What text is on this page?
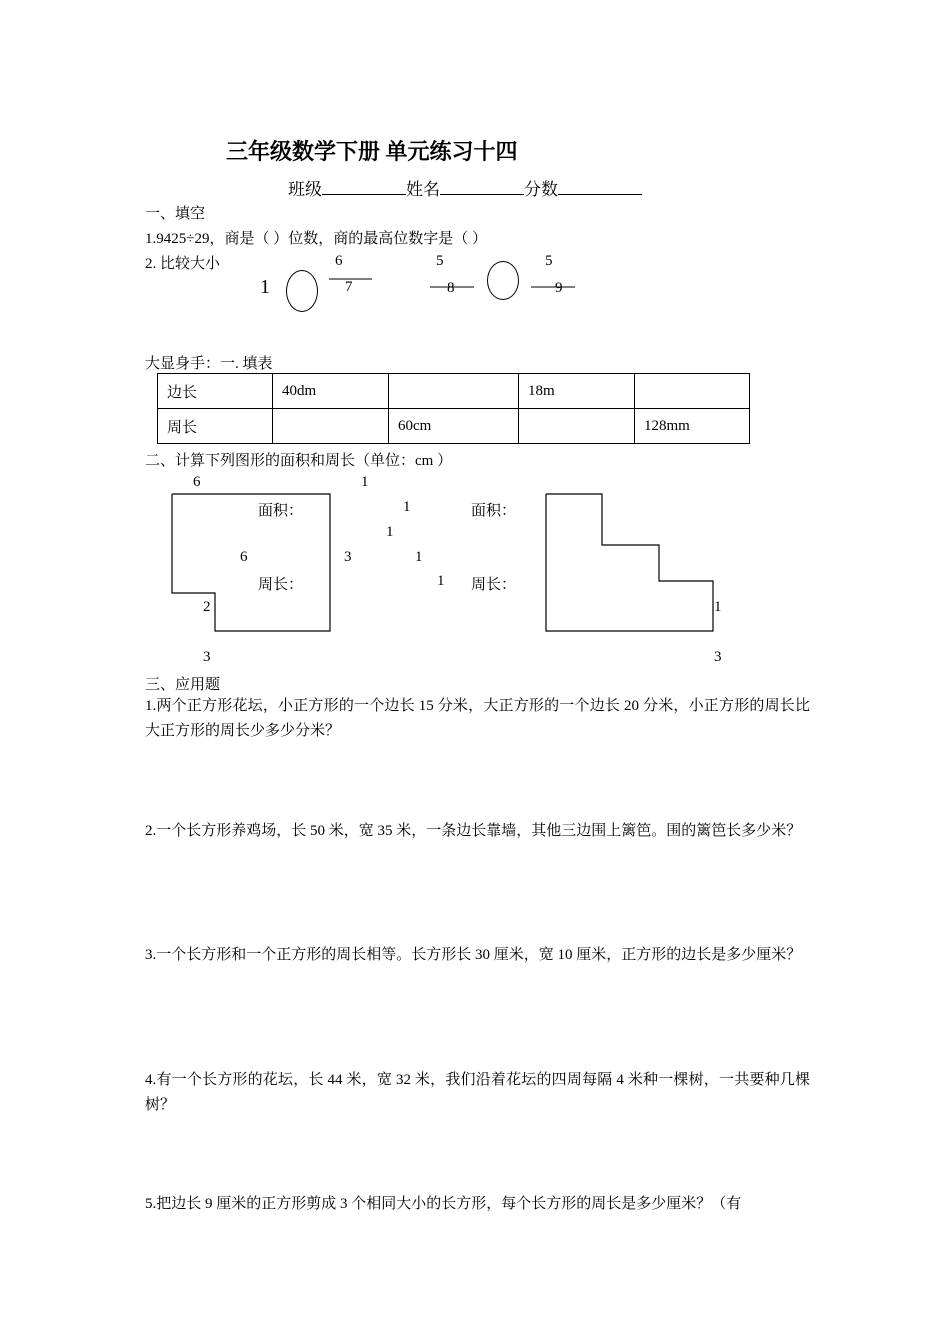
三年级数学下册 单元练习十四
班级	姓名	分数
一、填空
1.9425÷29，商是（ ）位数，商的最高位数字是（ ）
2. 比较大小
1
6
7
5
8
5
9
大显身手：一. 填表
边长	40dm		18m	
周长		60cm		128mm
二、计算下列图形的面积和周长（单位：cm ）
6
面积：
6	3
周长：
2
3
1
1	面积：
1
1
1 周长：
1
3
三、应用题
1.两个正方形花坛，小正方形的一个边长 15 分米，大正方形的一个边长 20 分米，小正方形的周长比大正方形的周长少多少分米？
2.一个长方形养鸡场，长 50 米，宽 35 米，一条边长靠墙，其他三边围上篱笆。围的篱笆长多少米？
3.一个长方形和一个正方形的周长相等。长方形长 30 厘米，宽 10 厘米，正方形的边长是多少厘米？
4.有一个长方形的花坛，长 44 米，宽 32 米，我们沿着花坛的四周每隔 4 米种一棵树，一共要种几棵树？
5.把边长 9 厘米的正方形剪成 3 个相同大小的长方形，每个长方形的周长是多少厘米？（有
